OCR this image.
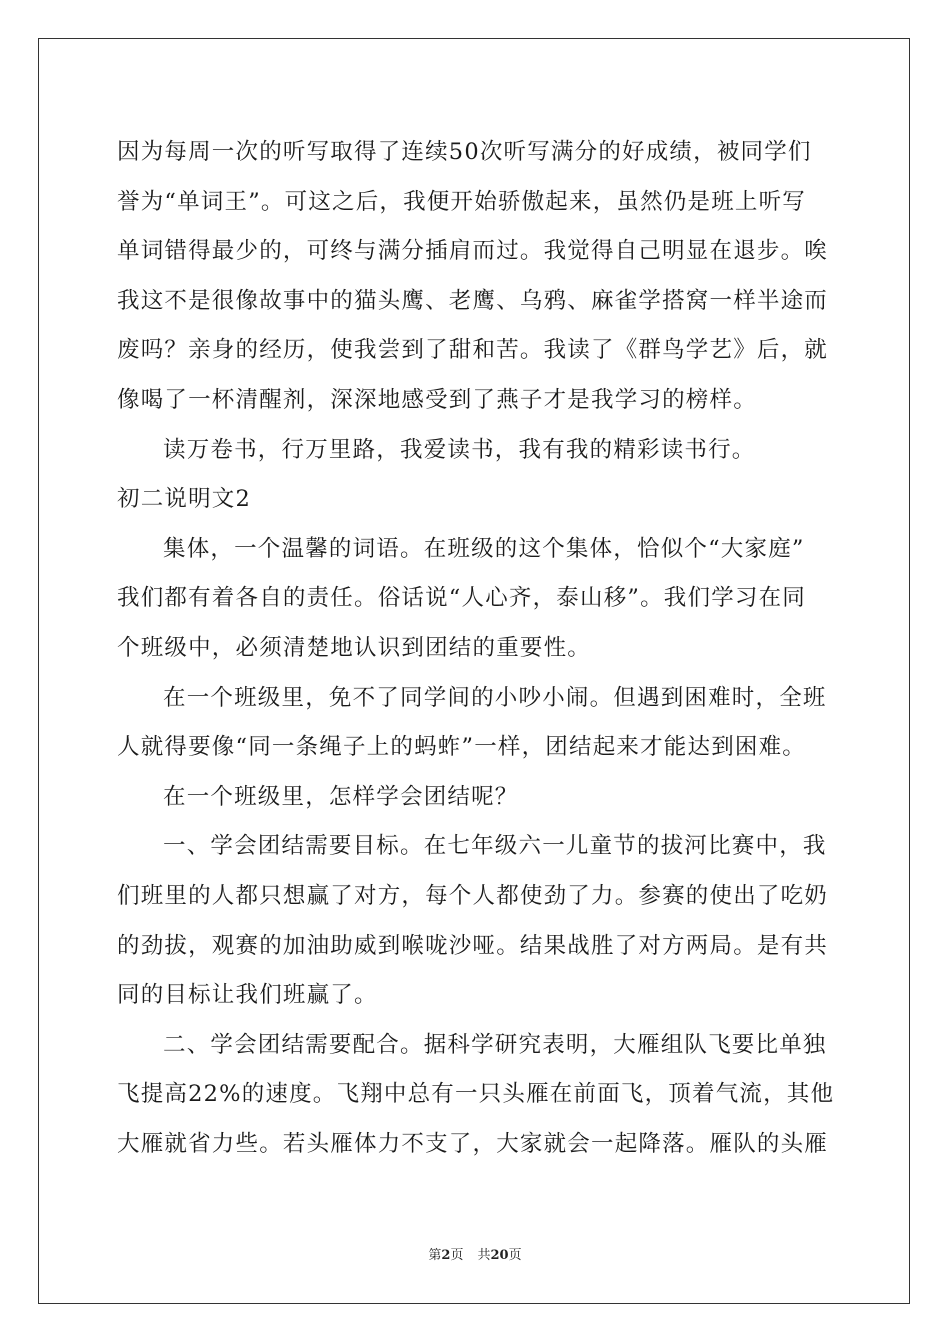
因为每周一次的听写取得了连续50次听写满分的好成绩，被同学们
誉为“单词王”。可这之后，我便开始骄傲起来，虽然仍是班上听写
单词错得最少的，可终与满分插肩而过。我觉得自己明显在退步。唉
我这不是很像故事中的猫头鹰、老鹰、乌鸦、麻雀学搭窝一样半途而
废吗？亲身的经历，使我尝到了甜和苦。我读了《群鸟学艺》后，就
像喝了一杯清醒剂，深深地感受到了燕子才是我学习的榜样。
读万卷书，行万里路，我爱读书，我有我的精彩读书行。
初二说明文2
集体，一个温馨的词语。在班级的这个集体，恰似个“大家庭”
我们都有着各自的责任。俗话说“人心齐，泰山移”。我们学习在同
个班级中，必须清楚地认识到团结的重要性。
在一个班级里，免不了同学间的小吵小闹。但遇到困难时，全班
人就得要像“同一条绳子上的蚂蚱”一样，团结起来才能达到困难。
在一个班级里，怎样学会团结呢？
一、学会团结需要目标。在七年级六一儿童节的拔河比赛中，我
们班里的人都只想赢了对方，每个人都使劲了力。参赛的使出了吃奶
的劲拔，观赛的加油助威到喉咙沙哑。结果战胜了对方两局。是有共
同的目标让我们班赢了。
二、学会团结需要配合。据科学研究表明，大雁组队飞要比单独
飞提高22%的速度。飞翔中总有一只头雁在前面飞，顶着气流，其他
大雁就省力些。若头雁体力不支了，大家就会一起降落。雁队的头雁
第2页 共20页
